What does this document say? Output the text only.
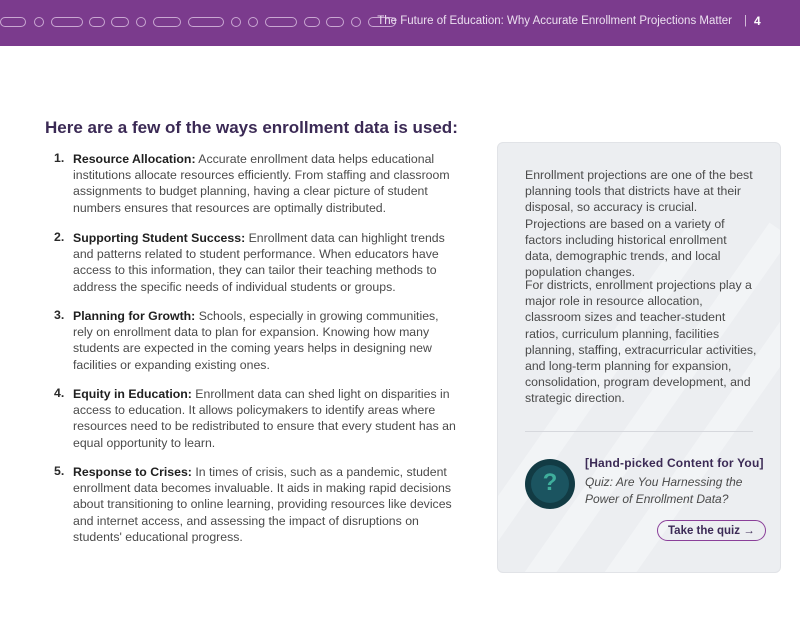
The Future of Education: Why Accurate Enrollment Projections Matter | 4
Here are a few of the ways enrollment data is used:
1. Resource Allocation: Accurate enrollment data helps educational institutions allocate resources efficiently. From staffing and classroom assignments to budget planning, having a clear picture of student numbers ensures that resources are optimally distributed.
2. Supporting Student Success: Enrollment data can highlight trends and patterns related to student performance. When educators have access to this information, they can tailor their teaching methods to address the specific needs of individual students or groups.
3. Planning for Growth: Schools, especially in growing communities, rely on enrollment data to plan for expansion. Knowing how many students are expected in the coming years helps in designing new facilities or expanding existing ones.
4. Equity in Education: Enrollment data can shed light on disparities in access to education. It allows policymakers to identify areas where resources need to be redistributed to ensure that every student has an equal opportunity to learn.
5. Response to Crises: In times of crisis, such as a pandemic, student enrollment data becomes invaluable. It aids in making rapid decisions about transitioning to online learning, providing resources like devices and internet access, and assessing the impact of disruptions on students' educational progress.
Enrollment projections are one of the best planning tools that districts have at their disposal, so accuracy is crucial. Projections are based on a variety of factors including historical enrollment data, demographic trends, and local population changes.
For districts, enrollment projections play a major role in resource allocation, classroom sizes and teacher-student ratios, curriculum planning, facilities planning, staffing, extracurricular activities, and long-term planning for expansion, consolidation, program development, and strategic direction.
?
[Hand-picked Content for You]
Quiz: Are You Harnessing the Power of Enrollment Data?
Take the quiz →
